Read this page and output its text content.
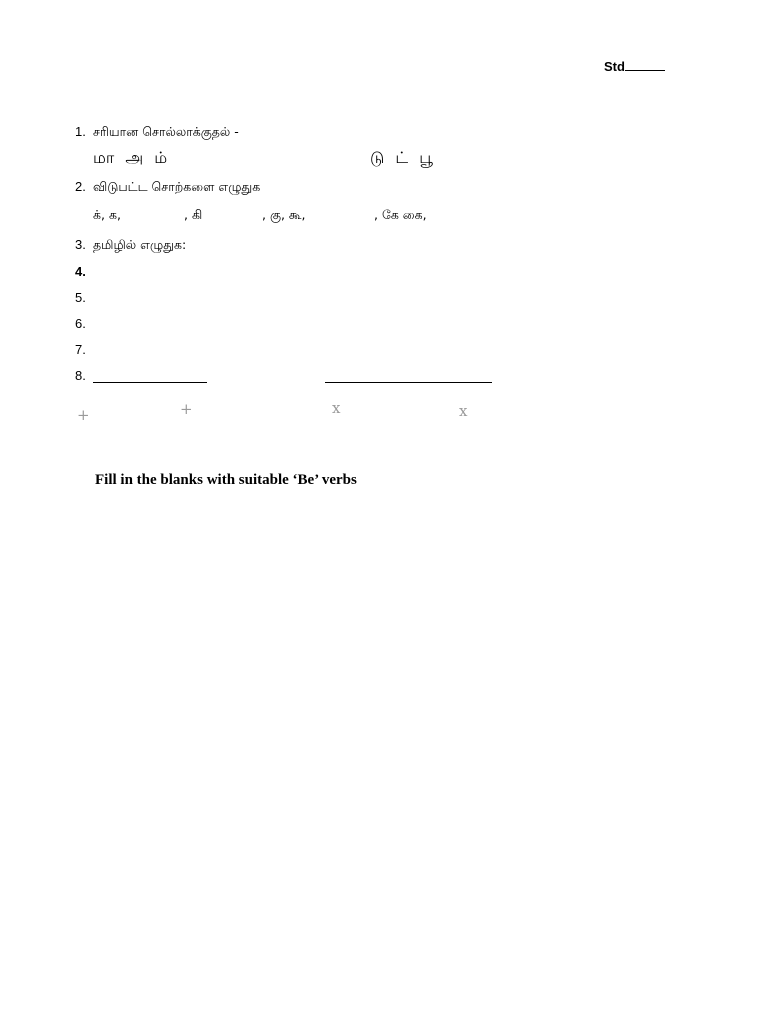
Std
1. சரியான சொல்லாக்குதல் -
மா அ ம்	டு ட் பூ
2. விடுபட்ட சொற்களை எழுதுக
க், க,	, கி	, கு, கூ,	, கே கை,
3. தமிழில் எழுதுக:
4.
5.
6.
7.
8.
+	+	x	x
Fill in the blanks with suitable ‘Be’ verbs
